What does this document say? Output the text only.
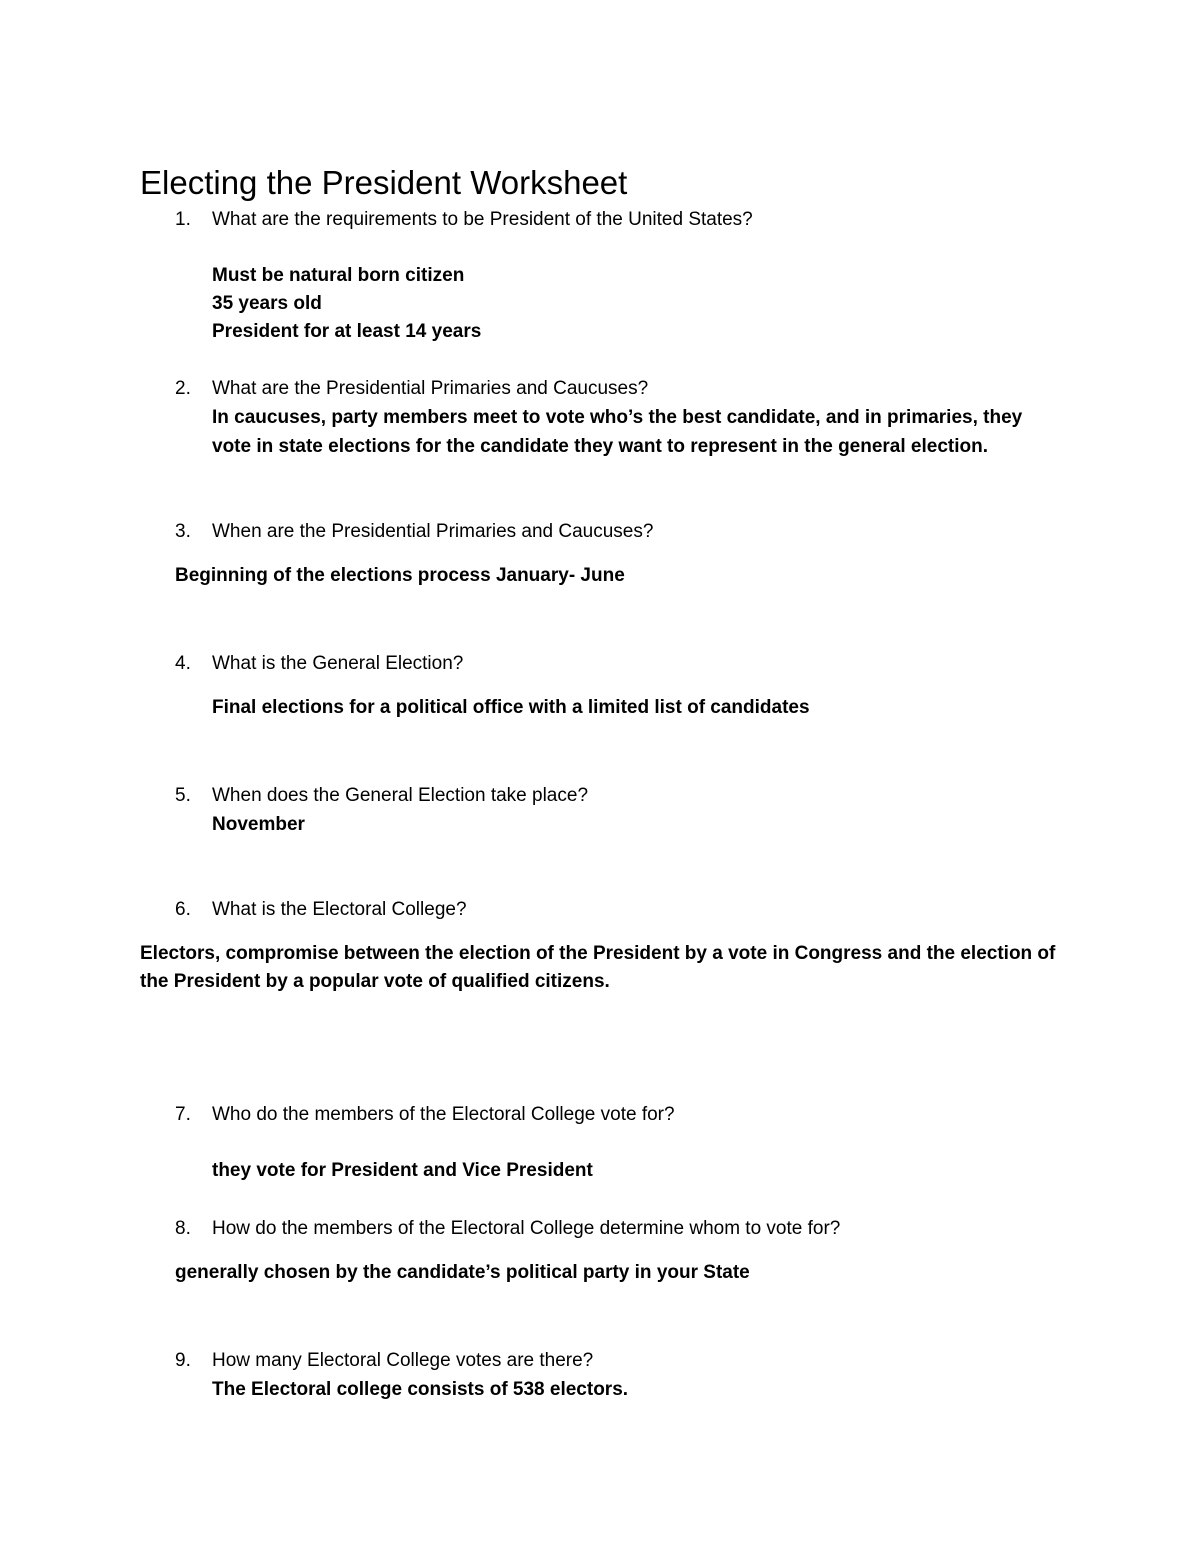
Electing the President Worksheet
1. What are the requirements to be President of the United States?

Must be natural born citizen

35 years old

President for at least 14 years

2. What are the Presidential Primaries and Caucuses?

In caucuses, party members meet to vote who’s the best candidate, and in primaries, they

vote in state elections for the candidate they want to represent in the general election.

3. When are the Presidential Primaries and Caucuses?

Beginning of the elections process January- June

4. What is the General Election?

Final elections for a political office with a limited list of candidates

5. When does the General Election take place?

November

6. What is the Electoral College?

Electors, compromise between the election of the President by a vote in Congress and the election of

the President by a popular vote of qualified citizens.

7. Who do the members of the Electoral College vote for?

they vote for President and Vice President

8. How do the members of the Electoral College determine whom to vote for?

generally chosen by the candidate’s political party in your State

9. How many Electoral College votes are there?

The Electoral college consists of 538 electors.
